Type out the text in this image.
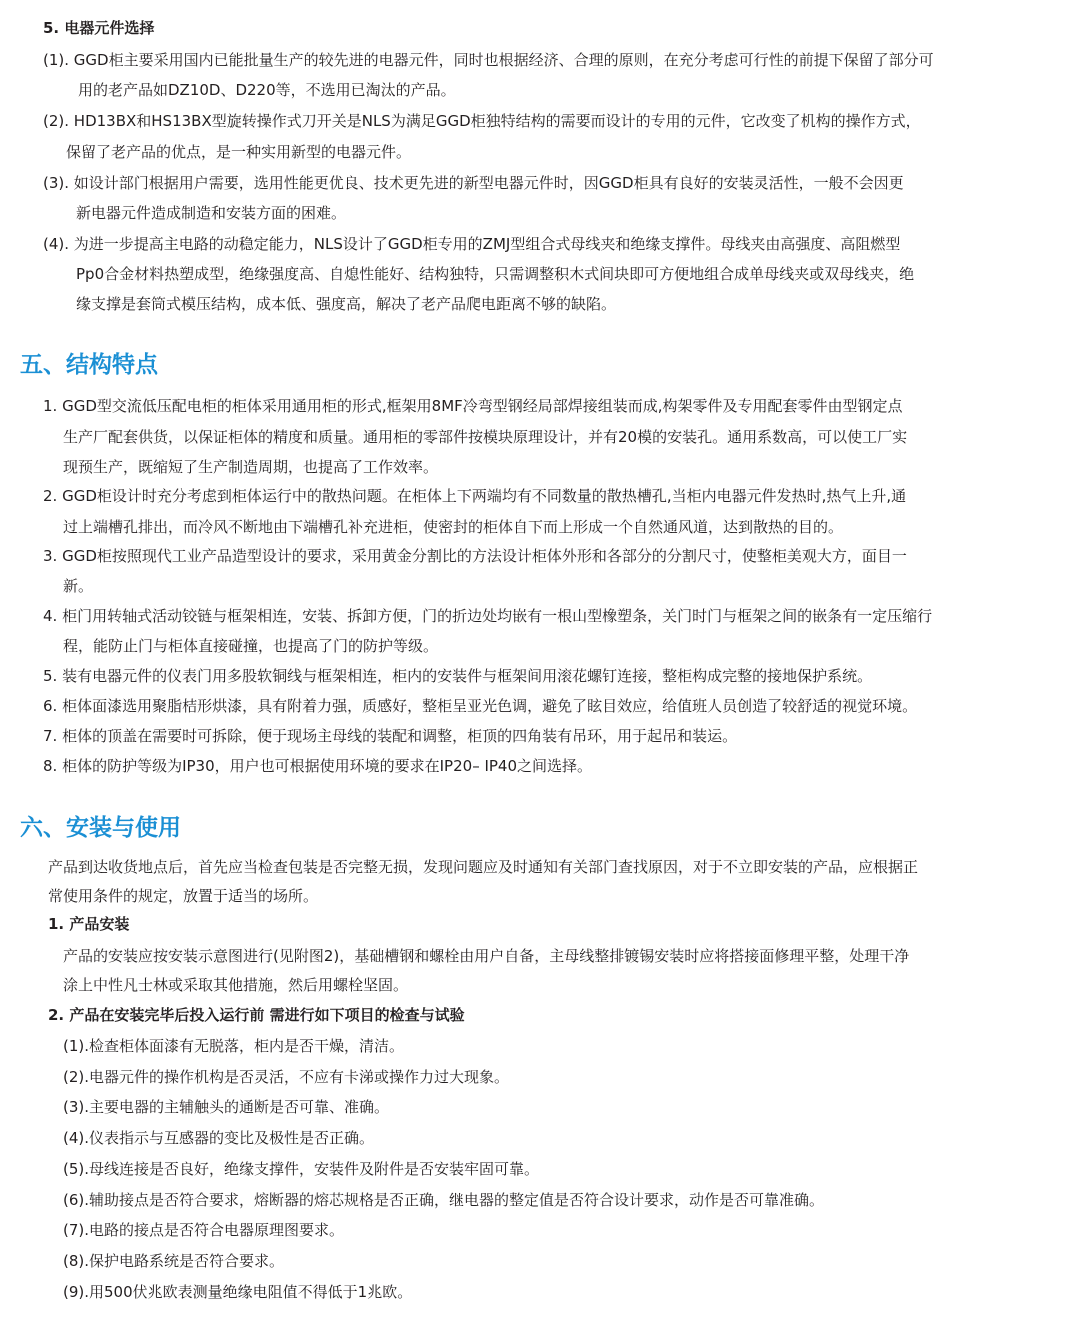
5. 电器元件选择
(1). GGD柜主要采用国内已能批量生产的较先进的电器元件，同时也根据经济、合理的原则，在充分考虑可行性的前提下保留了部分可
用的老产品如DZ10D、D220等，不选用已淘汰的产品。
(2). HD13BX和HS13BX型旋转操作式刀开关是NLS为满足GGD柜独特结构的需要而设计的专用的元件，它改变了机构的操作方式，
保留了老产品的优点，是一种实用新型的电器元件。
(3). 如设计部门根据用户需要，选用性能更优良、技术更先进的新型电器元件时，因GGD柜具有良好的安装灵活性，一般不会因更
新电器元件造成制造和安装方面的困难。
(4). 为进一步提高主电路的动稳定能力，NLS设计了GGD柜专用的ZMJ型组合式母线夹和绝缘支撑件。母线夹由高强度、高阻燃型
Pp0合金材料热塑成型，绝缘强度高、自熄性能好、结构独特，只需调整积木式间块即可方便地组合成单母线夹或双母线夹，绝
缘支撑是套筒式模压结构，成本低、强度高，解决了老产品爬电距离不够的缺陷。
五、结构特点
1. GGD型交流低压配电柜的柜体采用通用柜的形式,框架用8MF冷弯型钢经局部焊接组装而成,构架零件及专用配套零件由型钢定点
生产厂配套供货，以保证柜体的精度和质量。通用柜的零部件按模块原理设计，并有20模的安装孔。通用系数高，可以使工厂实
现预生产，既缩短了生产制造周期，也提高了工作效率。
2. GGD柜设计时充分考虑到柜体运行中的散热问题。在柜体上下两端均有不同数量的散热槽孔,当柜内电器元件发热时,热气上升,通
过上端槽孔排出，而冷风不断地由下端槽孔补充进柜，使密封的柜体自下而上形成一个自然通风道，达到散热的目的。
3. GGD柜按照现代工业产品造型设计的要求，采用黄金分割比的方法设计柜体外形和各部分的分割尺寸，使整柜美观大方，面目一
新。
4. 柜门用转轴式活动铰链与框架相连，安装、拆卸方便，门的折边处均嵌有一根山型橡塑条，关门时门与框架之间的嵌条有一定压缩行
程，能防止门与柜体直接碰撞，也提高了门的防护等级。
5. 装有电器元件的仪表门用多股软铜线与框架相连，柜内的安装件与框架间用滚花螺钉连接，整柜构成完整的接地保护系统。
6. 柜体面漆选用聚脂桔形烘漆，具有附着力强，质感好，整柜呈亚光色调，避免了眩目效应，给值班人员创造了较舒适的视觉环境。
7. 柜体的顶盖在需要时可拆除，便于现场主母线的装配和调整，柜顶的四角装有吊环，用于起吊和装运。
8. 柜体的防护等级为IP30，用户也可根据使用环境的要求在IP20– IP40之间选择。
六、安装与使用
产品到达收货地点后，首先应当检查包装是否完整无损，发现问题应及时通知有关部门查找原因，对于不立即安装的产品，应根据正
常使用条件的规定，放置于适当的场所。
1. 产品安装
产品的安装应按安装示意图进行(见附图2)，基础槽钢和螺栓由用户自备，主母线整排镀锡安装时应将搭接面修理平整，处理干净
涂上中性凡士林或采取其他措施，然后用螺栓坚固。
2. 产品在安装完毕后投入运行前 需进行如下项目的检查与试验
(1).检查柜体面漆有无脱落，柜内是否干燥，清洁。
(2).电器元件的操作机构是否灵活，不应有卡涕或操作力过大现象。
(3).主要电器的主辅触头的通断是否可靠、准确。
(4).仪表指示与互感器的变比及极性是否正确。
(5).母线连接是否良好，绝缘支撑件，安装件及附件是否安装牢固可靠。
(6).辅助接点是否符合要求，熔断器的熔芯规格是否正确，继电器的整定值是否符合设计要求，动作是否可靠准确。
(7).电路的接点是否符合电器原理图要求。
(8).保护电路系统是否符合要求。
(9).用500伏兆欧表测量绝缘电阻值不得低于1兆欧。
